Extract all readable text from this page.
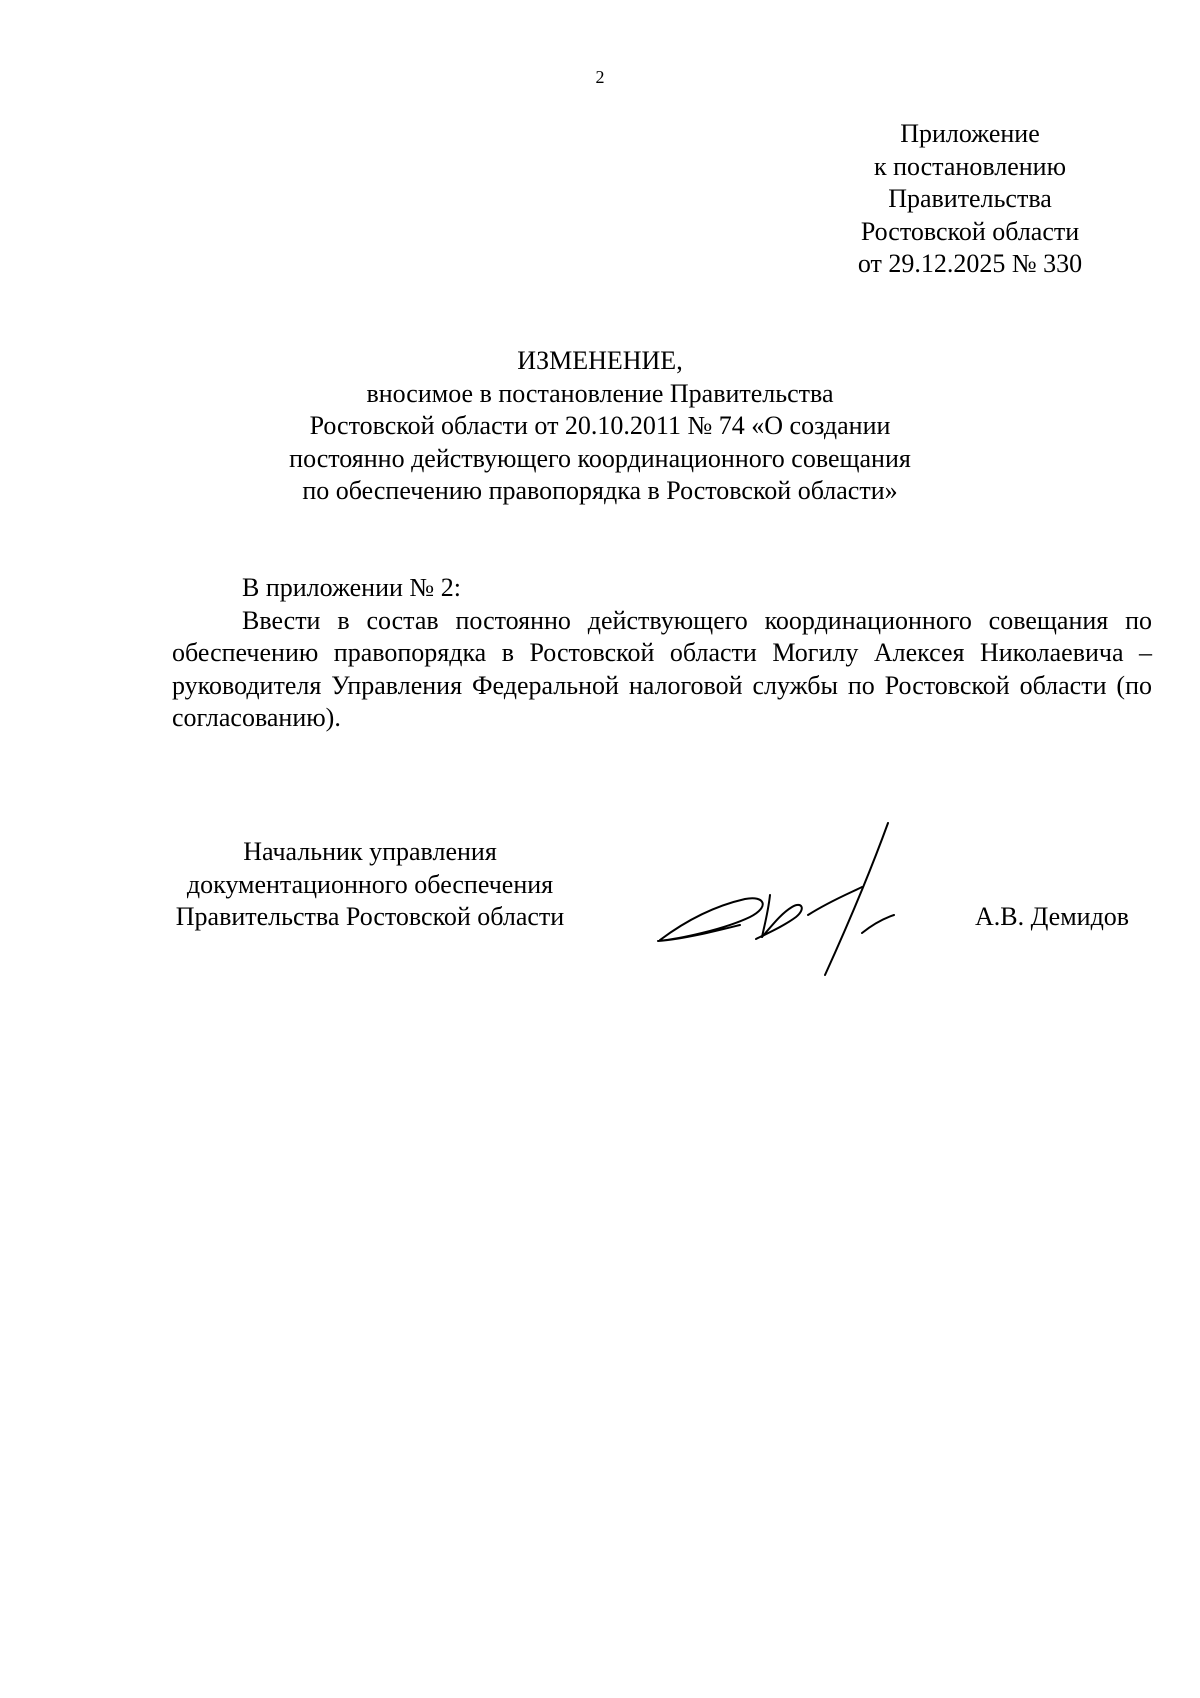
2
Приложение
к постановлению
Правительства
Ростовской области
от 29.12.2025 № 330
ИЗМЕНЕНИЕ,
вносимое в постановление Правительства
Ростовской области от 20.10.2011 № 74 «О создании
постоянно действующего координационного совещания
по обеспечению правопорядка в Ростовской области»

В приложении № 2:

Ввести в состав постоянно действующего координационного совещания по обеспечению правопорядка в Ростовской области Могилу Алексея Николаевича – руководителя Управления Федеральной налоговой службы по Ростовской области (по согласованию).

Начальник управления
документационного обеспечения
Правительства Ростовской области	А.В. Демидов
